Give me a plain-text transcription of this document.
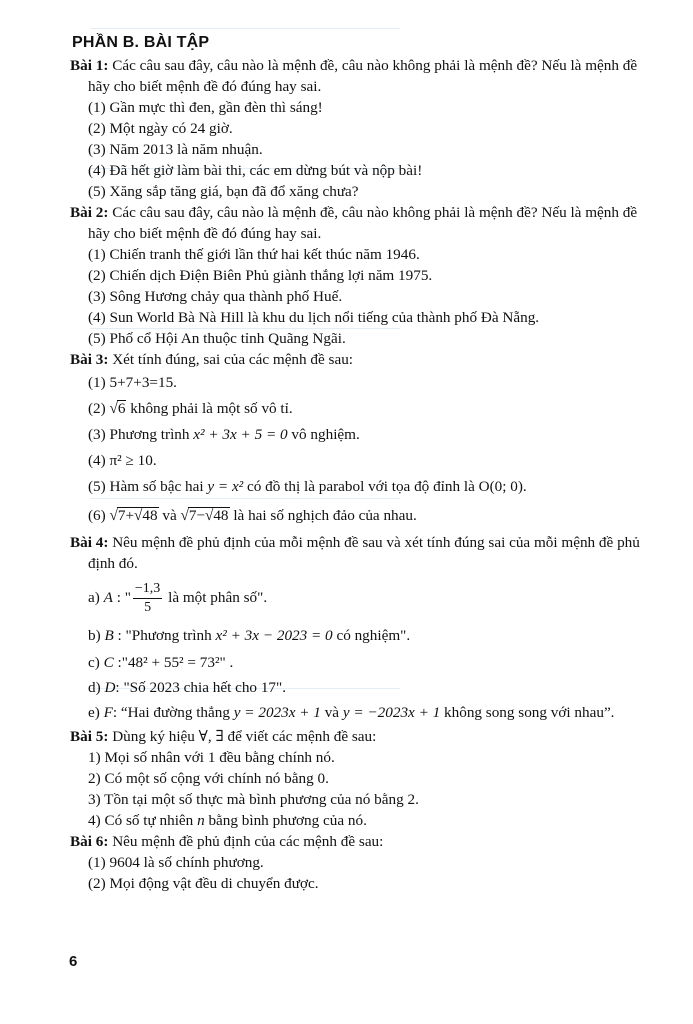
PHẦN B. BÀI TẬP
Bài 1: Các câu sau đây, câu nào là mệnh đề, câu nào không phải là mệnh đề? Nếu là mệnh đề
hãy cho biết mệnh đề đó đúng hay sai.
(1) Gần mực thì đen, gần đèn thì sáng!
(2) Một ngày có 24 giờ.
(3) Năm 2013 là năm nhuận.
(4) Đã hết giờ làm bài thi, các em dừng bút và nộp bài!
(5) Xăng sắp tăng giá, bạn đã đổ xăng chưa?
Bài 2: Các câu sau đây, câu nào là mệnh đề, câu nào không phải là mệnh đề? Nếu là mệnh đề
hãy cho biết mệnh đề đó đúng hay sai.
(1) Chiến tranh thế giới lần thứ hai kết thúc năm 1946.
(2) Chiến dịch Điện Biên Phủ giành thắng lợi năm 1975.
(3) Sông Hương chảy qua thành phố Huế.
(4) Sun World Bà Nà Hill là khu du lịch nổi tiếng của thành phố Đà Nẵng.
(5) Phố cổ Hội An thuộc tỉnh Quãng Ngãi.
Bài 3: Xét tính đúng, sai của các mệnh đề sau:
(1) 5+7+3=15.
(2) √6 không phải là một số vô tỉ.
(3) Phương trình x² + 3x + 5 = 0 vô nghiệm.
(4) π² ≥ 10.
(5) Hàm số bậc hai y = x² có đồ thị là parabol với tọa độ đỉnh là O(0; 0).
(6) √7+√48 và √7−√48 là hai số nghịch đảo của nhau.
Bài 4: Nêu mệnh đề phủ định của mỗi mệnh đề sau và xét tính đúng sai của mỗi mệnh đề phủ
định đó.
a) A : " $\frac{-1,3}{5}$ là một phân số".
b) B : "Phương trình x² + 3x − 2023 = 0 có nghiệm".
c) C :"48² + 55² = 73²" .
d) D: "Số 2023 chia hết cho 17".
e) F: “Hai đường thẳng y = 2023x + 1 và y = −2023x + 1 không song song với nhau”.
Bài 5: Dùng ký hiệu ∀, ∃ để viết các mệnh đề sau:
1) Mọi số nhân với 1 đều bằng chính nó.
2) Có một số cộng với chính nó bằng 0.
3) Tồn tại một số thực mà bình phương của nó bằng 2.
4) Có số tự nhiên n bằng bình phương của nó.
Bài 6: Nêu mệnh đề phủ định của các mệnh đề sau:
(1) 9604 là số chính phương.
(2) Mọi động vật đều di chuyển được.
6
